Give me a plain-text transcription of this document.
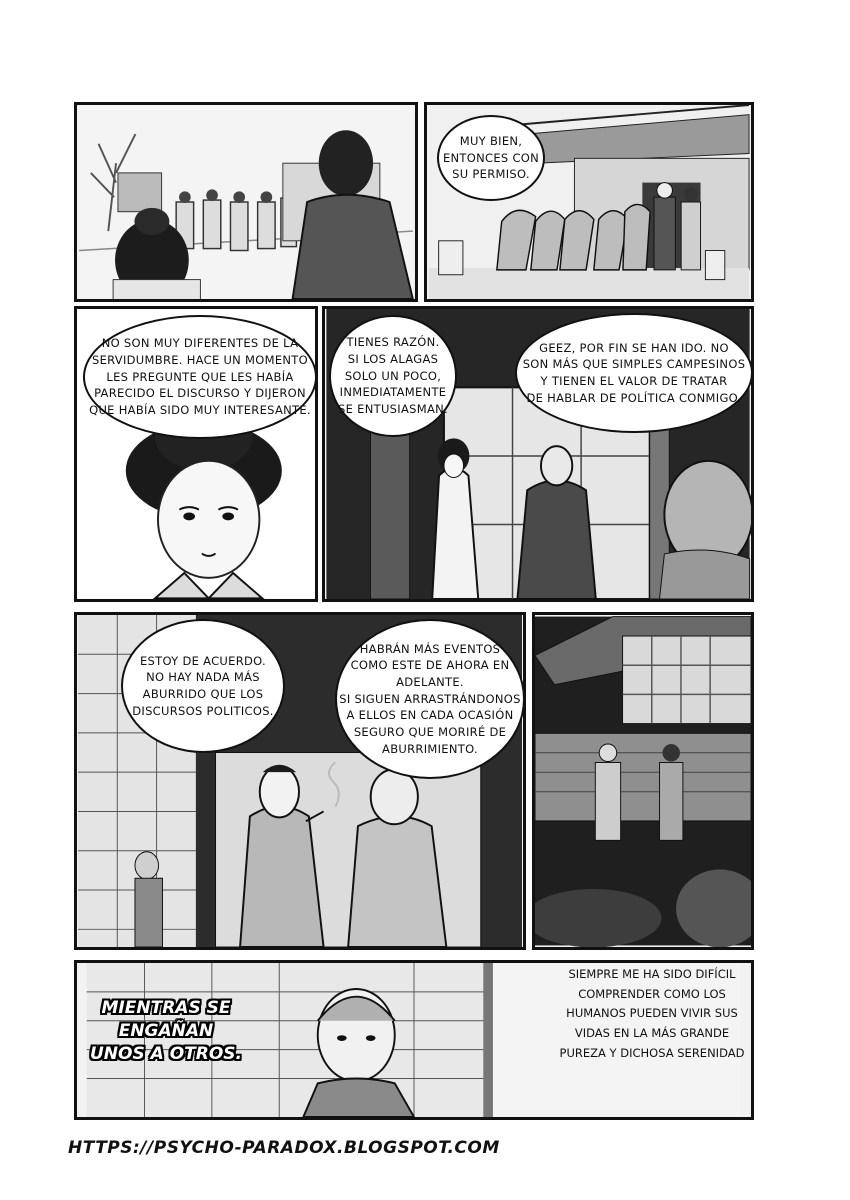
MUY BIEN,
ENTONCES CON
SU PERMISO.
NO SON MUY DIFERENTES DE LA
SERVIDUMBRE. HACE UN MOMENTO
LES PREGUNTE QUE LES HABÍA
PARECIDO EL DISCURSO Y DIJERON
QUE HABÍA SIDO MUY INTERESANTE.
TIENES RAZÓN.
SI LOS ALAGAS
SOLO UN POCO,
INMEDIATAMENTE
SE ENTUSIASMAN.
GEEZ, POR FIN SE HAN IDO. NO
SON MÁS QUE SIMPLES CAMPESINOS
Y TIENEN EL VALOR DE TRATAR
DE HABLAR DE POLÍTICA CONMIGO.
ESTOY DE ACUERDO.
NO HAY NADA MÁS
ABURRIDO QUE LOS
DISCURSOS POLITICOS.
HABRÁN MÁS EVENTOS
COMO ESTE DE AHORA EN
ADELANTE.
SI SIGUEN ARRASTRÁNDONOS
A ELLOS EN CADA OCASIÓN
SEGURO QUE MORIRÉ DE
ABURRIMIENTO.
MIENTRAS SE
ENGAÑAN
UNOS A OTROS.
SIEMPRE ME HA SIDO DIFÍCIL
COMPRENDER COMO LOS
HUMANOS PUEDEN VIVIR SUS
VIDAS EN LA MÁS GRANDE
PUREZA Y DICHOSA SERENIDAD
HTTPS://PSYCHO-PARADOX.BLOGSPOT.COM
